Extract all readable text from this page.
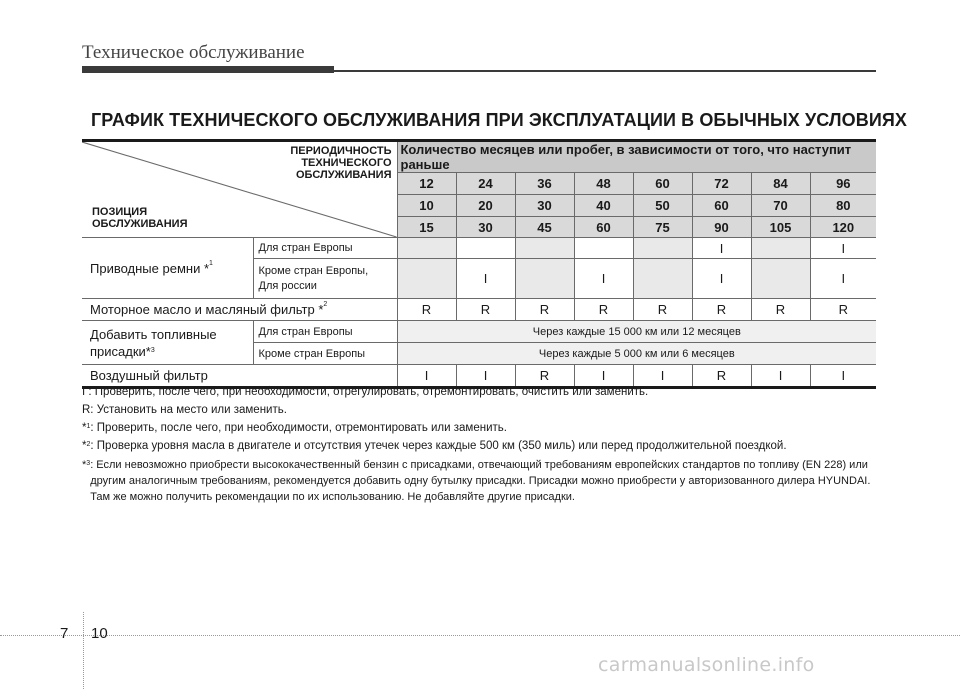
Техническое обслуживание
ГРАФИК ТЕХНИЧЕСКОГО ОБСЛУЖИВАНИЯ ПРИ ЭКСПЛУАТАЦИИ В ОБЫЧНЫХ УСЛОВИЯХ
ПЕРИОДИЧНОСТЬ
ТЕХНИЧЕСКОГО
ОБСЛУЖИВАНИЯ
ПОЗИЦИЯ
ОБСЛУЖИВАНИЯ		Количество месяцев или пробег, в зависимости от того, что наступит раньше							
		12	24	36	48	60	72	84	96
		10	20	30	40	50	60	70	80
		15	30	45	60	75	90	105	120
Приводные ремни *$^1$	Для стран Европы						I		I

	Кроме стран Европы,
Для россии		I		I		I		I
Моторное масло и масляный фильтр *$^2$		R	R	R	R	R	R	R	R

Добавить топливные
присадки*$^3$	Для стран Европы	Через каждые 15 000 км или 12 месяцев							
	Кроме стран Европы	Через каждые 5 000 км или 6 месяцев							
Воздушный фильтр		I	I	R	I	I	R	I	I
I : Проверить, после чего, при необходимости, отрегулировать, отремонтировать, очистить или заменить.
R: Установить на место или заменить.
*$^1$ : Проверить, после чего, при необходимости, отремонтировать или заменить.
*$^2$ : Проверка уровня масла в двигателе и отсутствия утечек через каждые 500 км (350 миль) или перед продолжительной поездкой.
*$^3$ : Если невозможно приобрести высококачественный бензин с присадками, отвечающий требованиям европейских стандартов по топливу (EN 228) или другим аналогичным требованиям, рекомендуется добавить одну бутылку присадки. Присадки можно приобрести у авторизованного дилера HYUNDAI. Там же можно получить рекомендации по их использованию. Не добавляйте другие присадки.
7 10
carmanualsonline.info
